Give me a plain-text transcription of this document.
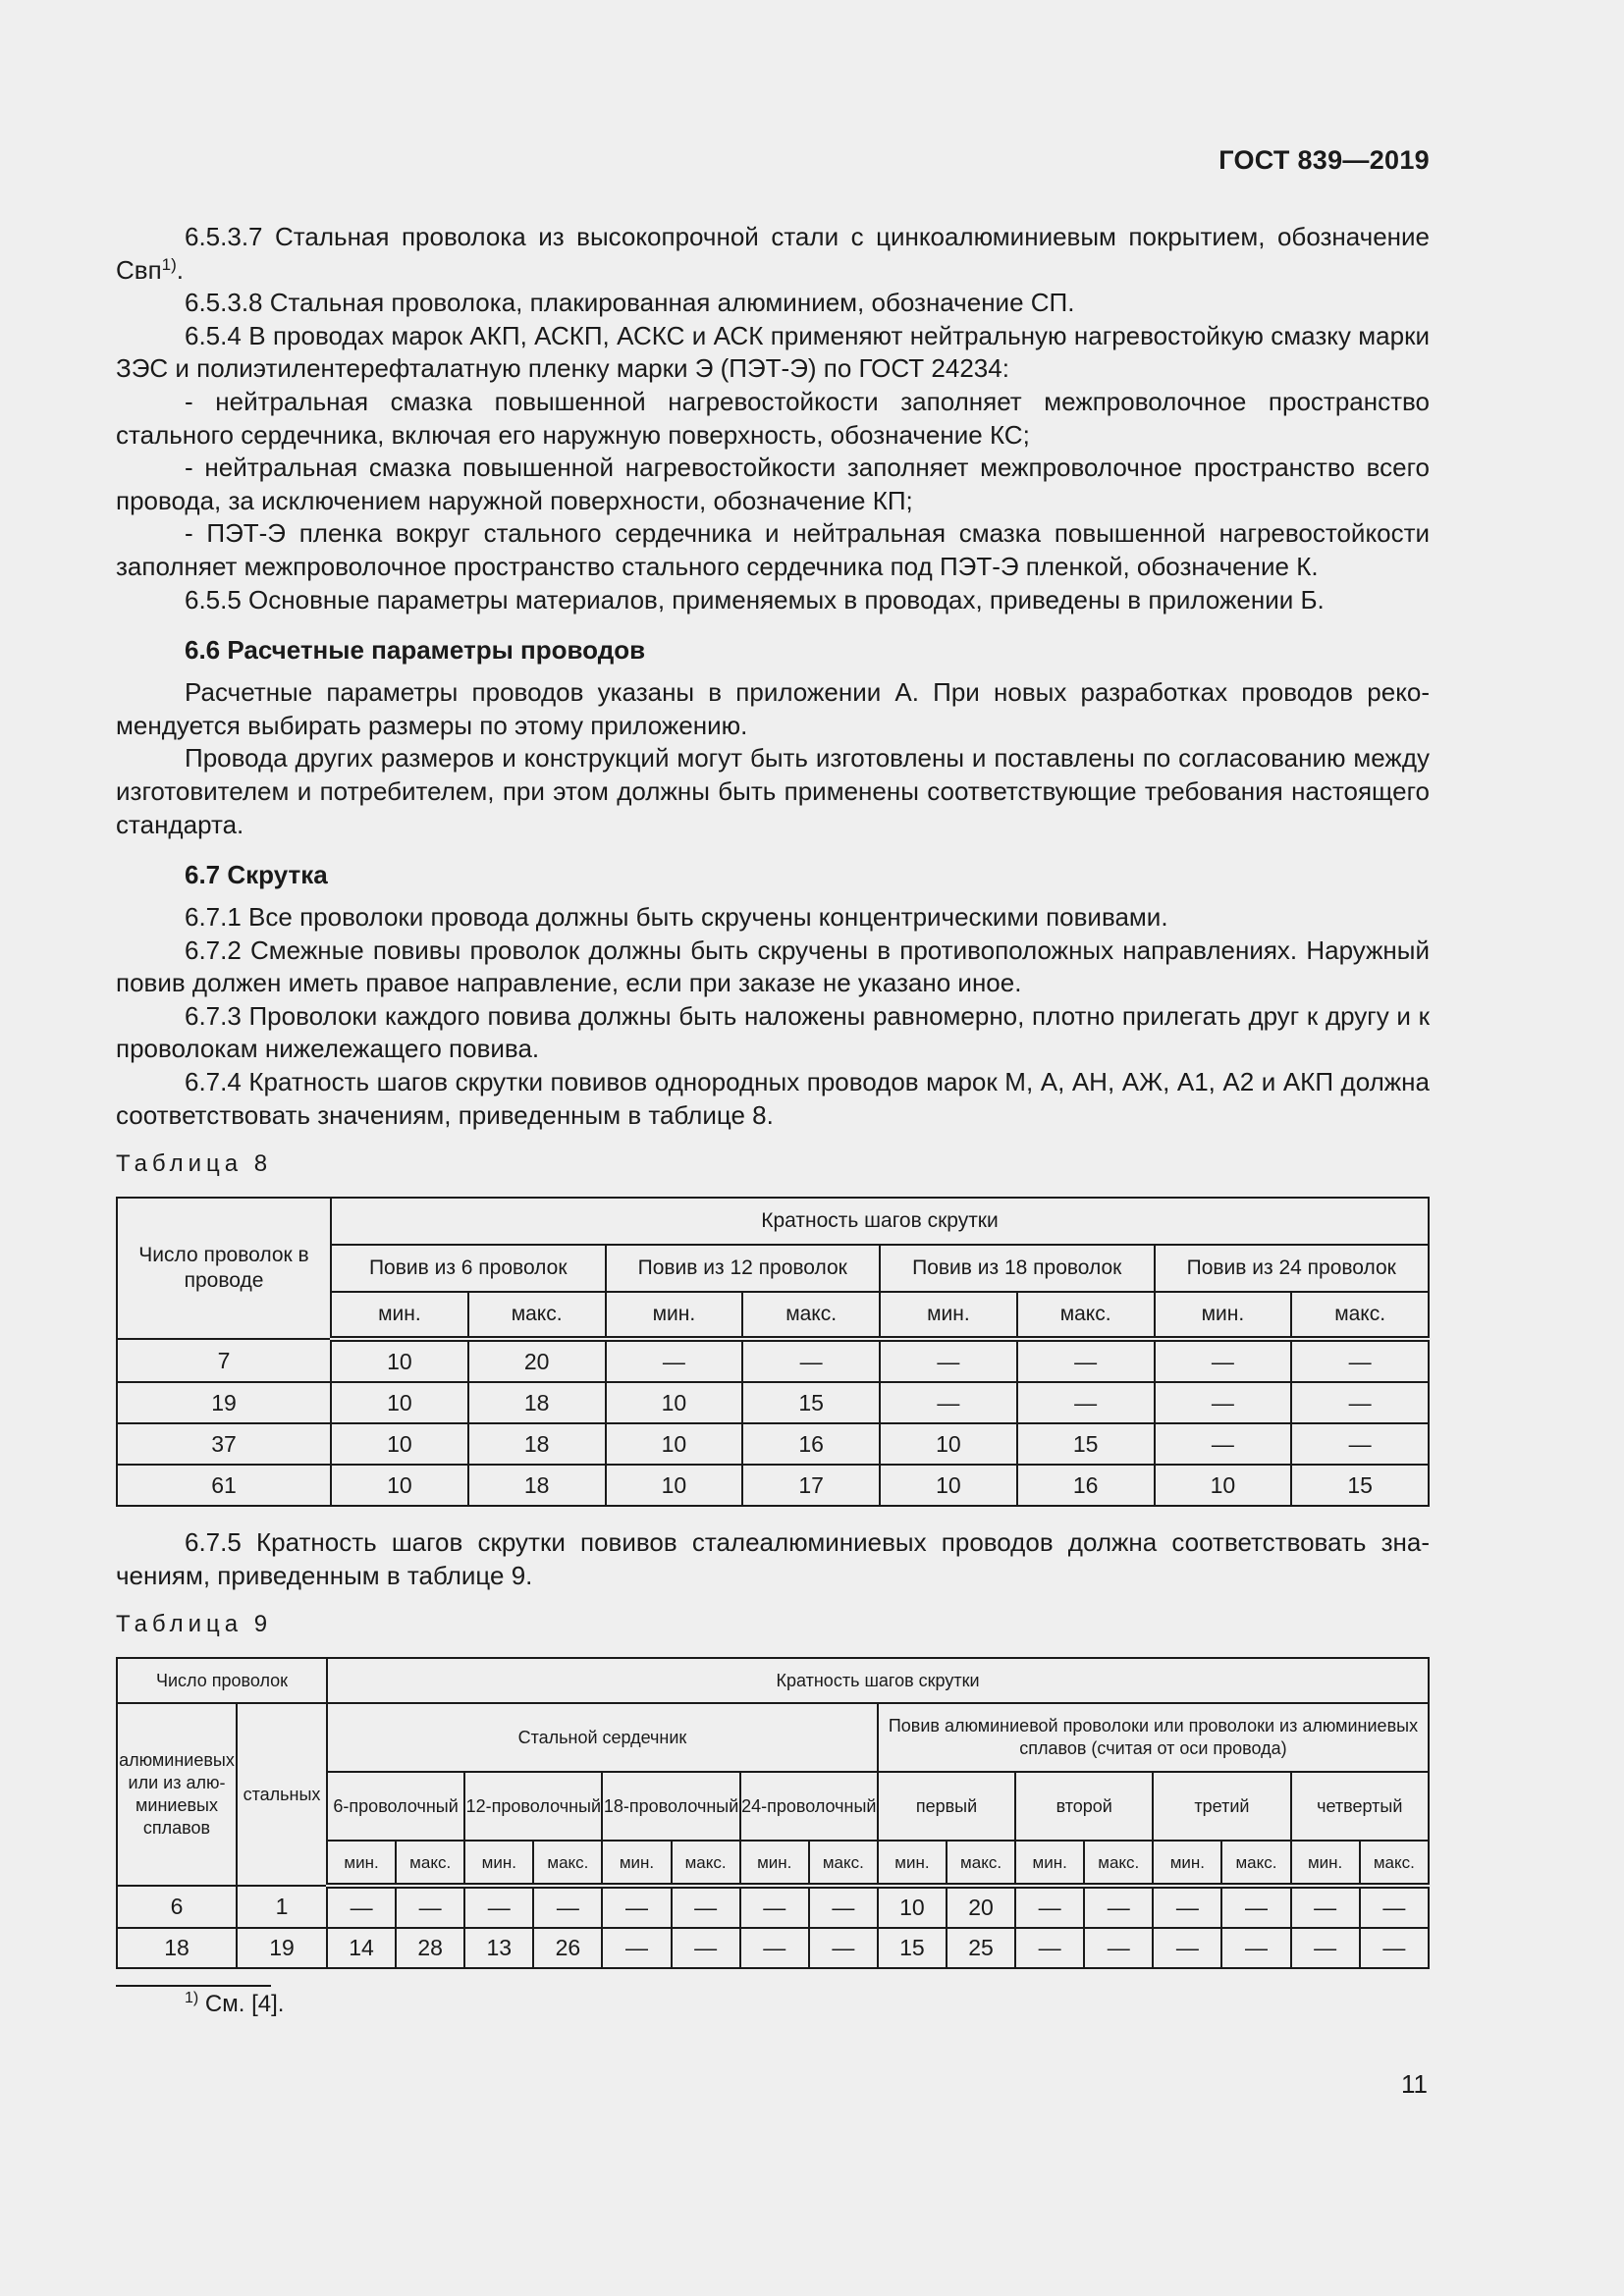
ГОСТ 839—2019

6.5.3.7 Стальная проволока из высокопрочной стали с цинкоалюминиевым покрытием, обозначение Свп$^{1)}$.

6.5.3.8 Стальная проволока, плакированная алюминием, обозначение СП.

6.5.4 В проводах марок АКП, АСКП, АСКС и АСК применяют нейтральную нагревостойкую смазку марки ЗЭС и полиэтилентерефталатную пленку марки Э (ПЭТ-Э) по ГОСТ 24234:

- нейтральная смазка повышенной нагревостойкости заполняет межпроволочное пространство стального сердечника, включая его наружную поверхность, обозначение КС;

- нейтральная смазка повышенной нагревостойкости заполняет межпроволочное пространство всего провода, за исключением наружной поверхности, обозначение КП;

- ПЭТ-Э пленка вокруг стального сердечника и нейтральная смазка повышенной нагревостойкости заполняет межпроволочное пространство стального сердечника под ПЭТ-Э пленкой, обозначение К.

6.5.5 Основные параметры материалов, применяемых в проводах, приведены в приложении Б.

6.6 Расчетные параметры проводов

Расчетные параметры проводов указаны в приложении А. При новых разработках проводов рекомендуется выбирать размеры по этому приложению.

Провода других размеров и конструкций могут быть изготовлены и поставлены по согласованию между изготовителем и потребителем, при этом должны быть применены соответствующие требования настоящего стандарта.

6.7 Скрутка

6.7.1 Все проволоки провода должны быть скручены концентрическими повивами.

6.7.2 Смежные повивы проволок должны быть скручены в противоположных направлениях. Наружный повив должен иметь правое направление, если при заказе не указано иное.

6.7.3 Проволоки каждого повива должны быть наложены равномерно, плотно прилегать друг к другу и к проволокам нижележащего повива.

6.7.4 Кратность шагов скрутки повивов однородных проводов марок М, А, АН, АЖ, А1, А2 и АКП должна соответствовать значениям, приведенным в таблице 8.

Таблица 8
Число проволок в проводе	Кратность шагов скрутки							
	Повив из 6 проволок		Повив из 12 проволок		Повив из 18 проволок		Повив из 24 проволок	
	мин.	макс.	мин.	макс.	мин.	макс.	мин.	макс.
7	10	20	—	—	—	—	—	—
19	10	18	10	15	—	—	—	—
37	10	18	10	16	10	15	—	—
61	10	18	10	17	10	16	10	15

6.7.5 Кратность шагов скрутки повивов сталеалюминиевых проводов должна соответствовать значениям, приведенным в таблице 9.

Таблица 9
Число проволок		Кратность шагов скрутки															
алюминиевых или из алюминиевых сплавов	стальных	Стальной сердечник								Повив алюминиевой проволоки или проволоки из алюминиевых сплавов (считая от оси провода)							
		6-проволочный		12-проволочный		18-проволочный		24-проволочный		первый		второй		третий		четвертый	
		мин.	макс.	мин.	макс.	мин.	макс.	мин.	макс.	мин.	макс.	мин.	макс.	мин.	макс.	мин.	макс.
6	1	—	—	—	—	—	—	—	—	10	20	—	—	—	—	—	—
18	19	14	28	13	26	—	—	—	—	15	25	—	—	—	—	—	—
$^{1)}$ См. [4].
11
